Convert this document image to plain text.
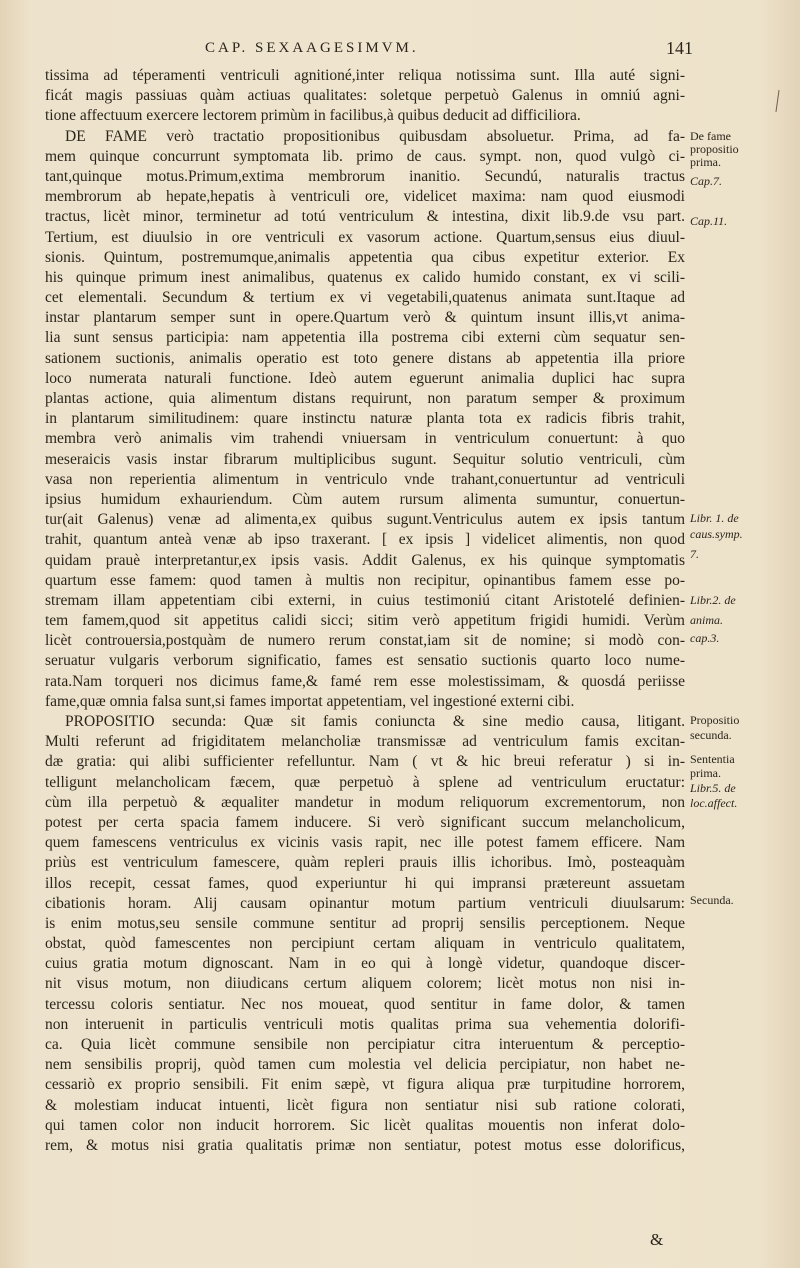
CAP. SEXAAGESIMVM.	141
tissima ad téperamenti ventriculi agnitioné,inter reliqua notissima sunt. Illa auté signi-
ficát magis passiuas quàm actiuas qualitates: soletque perpetuò Galenus in omniú agni-
tione affectuum exercere lectorem primùm in facilibus,à quibus deducit ad difficiliora.
DE FAME verò tractatio propositionibus quibusdam absoluetur. Prima, ad fa-
mem quinque concurrunt symptomata lib. primo de caus. sympt. non, quod vulgò ci-
tant,quinque motus.Primum,extima membrorum inanitio. Secundú, naturalis tractus
membrorum ab hepate,hepatis à ventriculi ore, videlicet maxima: nam quod eiusmodi
tractus, licèt minor, terminetur ad totú ventriculum & intestina, dixit lib.9.de vsu part.
Tertium, est diuulsio in ore ventriculi ex vasorum actione. Quartum,sensus eius diuul-
sionis. Quintum, postremumque,animalis appetentia qua cibus expetitur exterior. Ex
his quinque primum inest animalibus, quatenus ex calido humido constant, ex vi scili-
cet elementali. Secundum & tertium ex vi vegetabili,quatenus animata sunt.Itaque ad
instar plantarum semper sunt in opere.Quartum verò & quintum insunt illis,vt anima-
lia sunt sensus participia: nam appetentia illa postrema cibi externi cùm sequatur sen-
sationem suctionis, animalis operatio est toto genere distans ab appetentia illa priore
loco numerata naturali functione. Ideò autem eguerunt animalia duplici hac supra
plantas actione, quia alimentum distans requirunt, non paratum semper & proximum
in plantarum similitudinem: quare instinctu naturæ planta tota ex radicis fibris trahit,
membra verò animalis vim trahendi vniuersam in ventriculum conuertunt: à quo
meseraicis vasis instar fibrarum multiplicibus sugunt. Sequitur solutio ventriculi, cùm
vasa non reperientia alimentum in ventriculo vnde trahant,conuertuntur ad ventriculi
ipsius humidum exhauriendum. Cùm autem rursum alimenta sumuntur, conuertun-
tur(ait Galenus) venæ ad alimenta,ex quibus sugunt.Ventriculus autem ex ipsis tantum
trahit, quantum anteà venæ ab ipso traxerant. [ ex ipsis ] videlicet alimentis, non quod
quidam prauè interpretantur,ex ipsis vasis. Addit Galenus, ex his quinque symptomatis
quartum esse famem: quod tamen à multis non recipitur, opinantibus famem esse po-
stremam illam appetentiam cibi externi, in cuius testimoniú citant Aristotelé definien-
tem famem,quod sit appetitus calidi sicci; sitim verò appetitum frigidi humidi. Verùm
licèt controuersia,postquàm de numero rerum constat,iam sit de nomine; si modò con-
seruatur vulgaris verborum significatio, fames est sensatio suctionis quarto loco nume-
rata.Nam torqueri nos dicimus fame,& famé rem esse molestissimam, & quosdá periisse
fame,quæ omnia falsa sunt,si fames importat appetentiam, vel ingestioné externi cibi.
PROPOSITIO secunda: Quæ sit famis coniuncta & sine medio causa, litigant.
Multi referunt ad frigiditatem melancholiæ transmissæ ad ventriculum famis excitan-
dæ gratia: qui alibi sufficienter refelluntur. Nam ( vt & hic breui referatur ) si in-
telligunt melancholicam fæcem, quæ perpetuò à splene ad ventriculum eructatur:
cùm illa perpetuò & æqualiter mandetur in modum reliquorum excrementorum, non
potest per certa spacia famem inducere. Si verò significant succum melancholicum,
quem famescens ventriculus ex vicinis vasis rapit, nec ille potest famem efficere. Nam
priùs est ventriculum famescere, quàm repleri prauis illis ichoribus. Imò, posteaquàm
illos recepit, cessat fames, quod experiuntur hi qui impransi prætereunt assuetam
cibationis horam. Alij causam opinantur motum partium ventriculi diuulsarum:
is enim motus,seu sensile commune sentitur ad proprij sensilis perceptionem. Neque
obstat, quòd famescentes non percipiunt certam aliquam in ventriculo qualitatem,
cuius gratia motum dignoscant. Nam in eo qui à longè videtur, quandoque discer-
nit visus motum, non diiudicans certum aliquem colorem; licèt motus non nisi in-
tercessu coloris sentiatur. Nec nos moueat, quod sentitur in fame dolor, & tamen
non interuenit in particulis ventriculi motis qualitas prima sua vehementia dolorifi-
ca. Quia licèt commune sensibile non percipiatur citra interuentum & perceptio-
nem sensibilis proprij, quòd tamen cum molestia vel delicia percipiatur, non habet ne-
cessariò ex proprio sensibili. Fit enim sæpè, vt figura aliqua præ turpitudine horrorem,
& molestiam inducat intuenti, licèt figura non sentiatur nisi sub ratione colorati,
qui tamen color non inducit horrorem. Sic licèt qualitas mouentis non inferat dolo-
rem, & motus nisi gratia qualitatis primæ non sentiatur, potest motus esse dolorificus,
De fame
propositio
prima.
Cap.7.
Cap.11.
Libr. 1. de
caus.symp.
7.
Libr.2. de
anima.
cap.3.
Propositio
secunda.
Sententia
prima.
Libr.5. de
loc.affect.
Secunda.
&
